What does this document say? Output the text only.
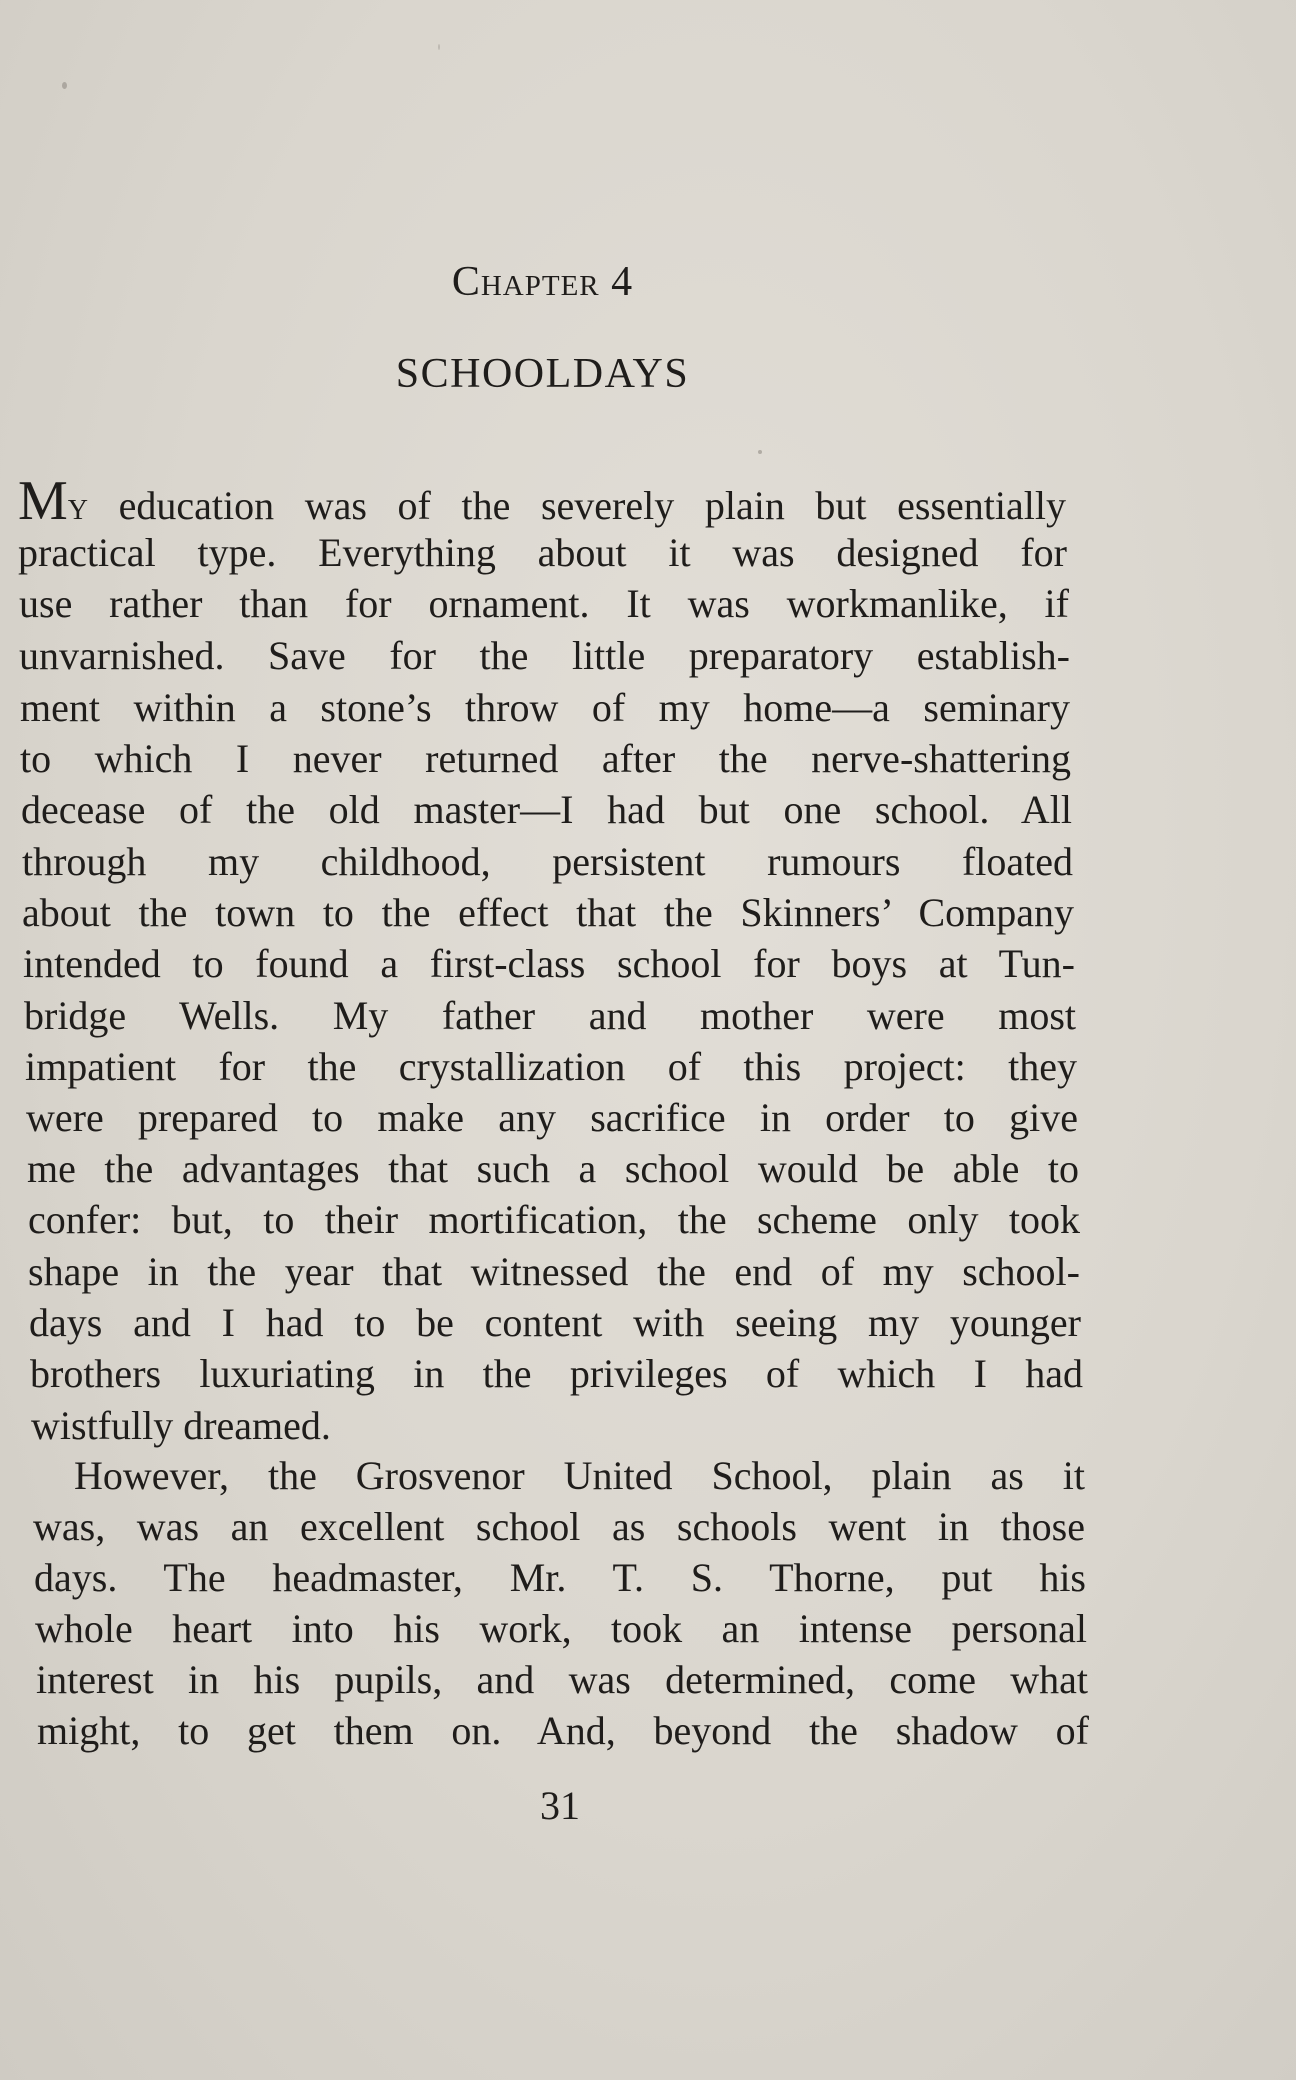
Chapter 4

SCHOOLDAYS

My education was of the severely plain but essentially

practical type. Everything about it was designed for

use rather than for ornament. It was workmanlike, if

unvarnished. Save for the little preparatory establish-

ment within a stone’s throw of my home—a seminary

to which I never returned after the nerve-shattering

decease of the old master—I had but one school. All

through my childhood, persistent rumours floated

about the town to the effect that the Skinners’ Company

intended to found a first-class school for boys at Tun-

bridge Wells. My father and mother were most

impatient for the crystallization of this project: they

were prepared to make any sacrifice in order to give

me the advantages that such a school would be able to

confer: but, to their mortification, the scheme only took

shape in the year that witnessed the end of my school-

days and I had to be content with seeing my younger

brothers luxuriating in the privileges of which I had

wistfully dreamed.

However, the Grosvenor United School, plain as it

was, was an excellent school as schools went in those

days. The headmaster, Mr. T. S. Thorne, put his

whole heart into his work, took an intense personal

interest in his pupils, and was determined, come what

might, to get them on. And, beyond the shadow of

31
